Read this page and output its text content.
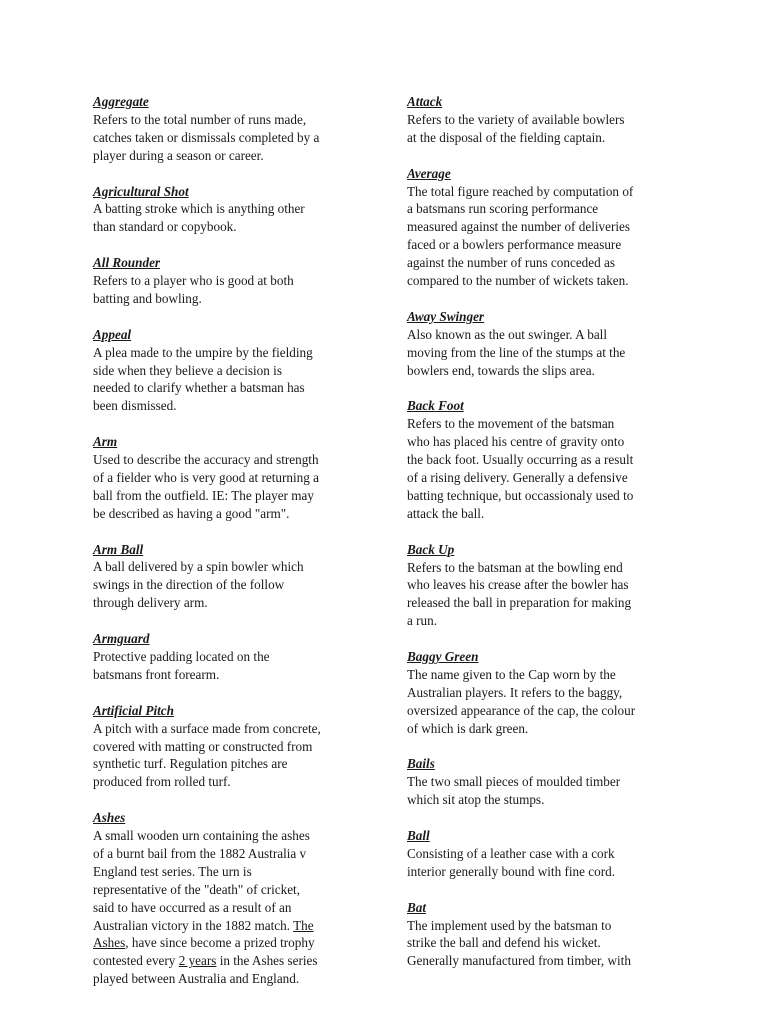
Aggregate

Refers to the total number of runs made,
catches taken or dismissals completed by a
player during a season or career.

Agricultural Shot

A batting stroke which is anything other
than standard or copybook.

All Rounder

Refers to a player who is good at both
batting and bowling.

Appeal

A plea made to the umpire by the fielding
side when they believe a decision is
needed to clarify whether a batsman has
been dismissed.

Arm

Used to describe the accuracy and strength
of a fielder who is very good at returning a
ball from the outfield. IE: The player may
be described as having a good "arm".

Arm Ball

A ball delivered by a spin bowler which
swings in the direction of the follow
through delivery arm.

Armguard

Protective padding located on the
batsmans front forearm.

Artificial Pitch

A pitch with a surface made from concrete,
covered with matting or constructed from
synthetic turf. Regulation pitches are
produced from rolled turf.

Ashes

A small wooden urn containing the ashes
of a burnt bail from the 1882 Australia v
England test series. The urn is
representative of the "death" of cricket,
said to have occurred as a result of an
Australian victory in the 1882 match. The
Ashes, have since become a prized trophy
contested every 2 years in the Ashes series
played between Australia and England.

Attack

Refers to the variety of available bowlers
at the disposal of the fielding captain.

Average

The total figure reached by computation of
a batsmans run scoring performance
measured against the number of deliveries
faced or a bowlers performance measure
against the number of runs conceded as
compared to the number of wickets taken.

Away Swinger

Also known as the out swinger. A ball
moving from the line of the stumps at the
bowlers end, towards the slips area.

Back Foot

Refers to the movement of the batsman
who has placed his centre of gravity onto
the back foot. Usually occurring as a result
of a rising delivery. Generally a defensive
batting technique, but occassionaly used to
attack the ball.

Back Up

Refers to the batsman at the bowling end
who leaves his crease after the bowler has
released the ball in preparation for making
a run.

Baggy Green

The name given to the Cap worn by the
Australian players. It refers to the baggy,
oversized appearance of the cap, the colour
of which is dark green.

Bails

The two small pieces of moulded timber
which sit atop the stumps.

Ball

Consisting of a leather case with a cork
interior generally bound with fine cord.

Bat

The implement used by the batsman to
strike the ball and defend his wicket.
Generally manufactured from timber, with
